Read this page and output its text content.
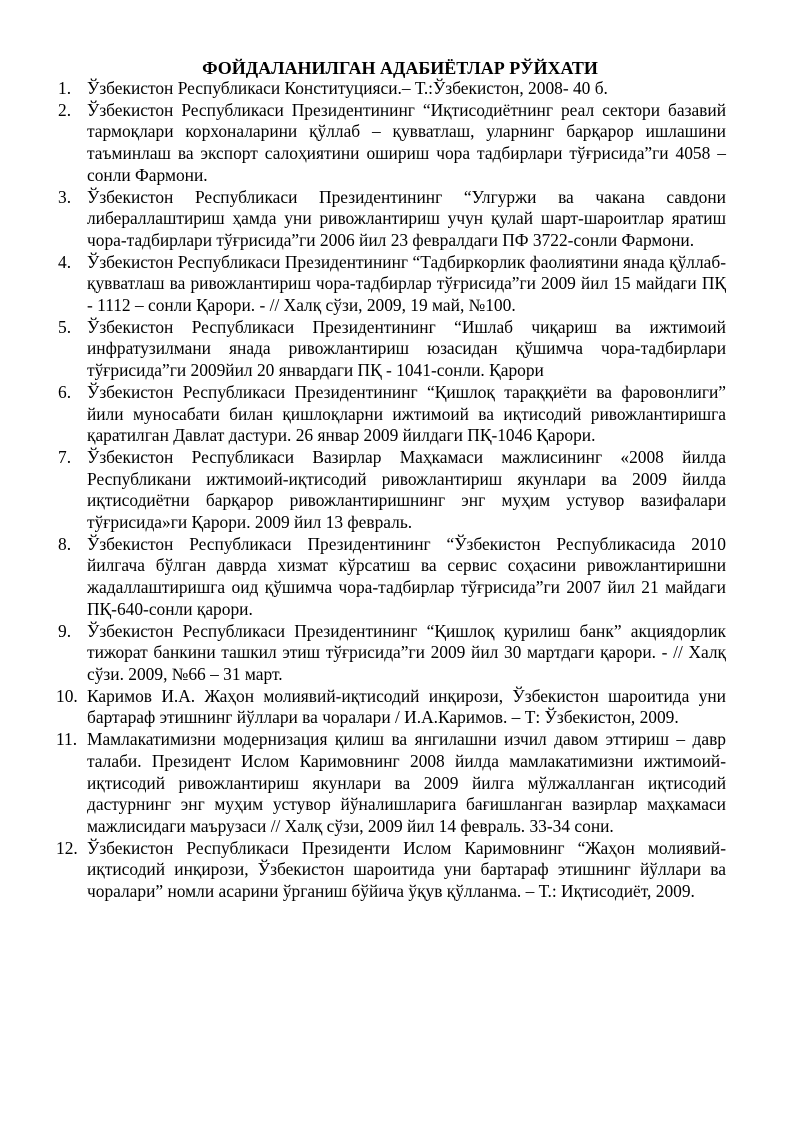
ФОЙДАЛАНИЛГАН АДАБИЁТЛАР РЎЙХАТИ
1. Ўзбекистон Республикаси Конституцияси.– Т.:Ўзбекистон, 2008- 40 б.
2. Ўзбекистон Республикаси Президентининг “Иқтисодиётнинг реал сектори базавий тармоқлари корхоналарини қўллаб – қувватлаш, уларнинг барқарор ишлашини таъминлаш ва экспорт салоҳиятини ошириш чора тадбирлари тўғрисида”ги 4058 – сонли Фармони.
3. Ўзбекистон Республикаси Президентининг “Улгуржи ва чакана савдони либераллаштириш ҳамда уни ривожлантириш учун қулай шарт-шароитлар яратиш чора-тадбирлари тўғрисида”ги 2006 йил 23 февралдаги ПФ 3722-сонли Фармони.
4. Ўзбекистон Республикаси Президентининг “Тадбиркорлик фаолиятини янада қўллаб-қувватлаш ва ривожлантириш чора-тадбирлар тўғрисида”ги 2009 йил 15 майдаги ПҚ - 1112 – сонли Қарори. - // Халқ сўзи, 2009, 19 май, №100.
5. Ўзбекистон Республикаси Президентининг “Ишлаб чиқариш ва ижтимоий инфратузилмани янада ривожлантириш юзасидан қўшимча чора-тадбирлари тўғрисида”ги 2009йил 20 январдаги ПҚ - 1041-сонли. Қарори
6. Ўзбекистон Республикаси Президентининг “Қишлоқ тараққиёти ва фаровонлиги” йили муносабати билан қишлоқларни ижтимоий ва иқтисодий ривожлантиришга қаратилган Давлат дастури. 26 январ 2009 йилдаги ПҚ-1046 Қарори.
7. Ўзбекистон Республикаси Вазирлар Маҳкамаси мажлисининг «2008 йилда Республикани ижтимоий-иқтисодий ривожлантириш якунлари ва 2009 йилда иқтисодиётни барқарор ривожлантиришнинг энг муҳим устувор вазифалари тўғрисида»ги Қарори. 2009 йил 13 февраль.
8. Ўзбекистон Республикаси Президентининг “Ўзбекистон Республикасида 2010 йилгача бўлган даврда хизмат кўрсатиш ва сервис соҳасини ривожлантиришни жадаллаштиришга оид қўшимча чора-тадбирлар тўғрисида”ги 2007 йил 21 майдаги ПҚ-640-сонли қарори.
9. Ўзбекистон Республикаси Президентининг “Қишлоқ қурилиш банк” акциядорлик тижорат банкини ташкил этиш тўғрисида”ги 2009 йил 30 мартдаги қарори. - // Халқ сўзи. 2009, №66 – 31 март.
10. Каримов И.А. Жаҳон молиявий-иқтисодий инқирози, Ўзбекистон шароитида уни бартараф этишнинг йўллари ва чоралари / И.А.Каримов. – Т: Ўзбекистон, 2009.
11. Мамлакатимизни модернизация қилиш ва янгилашни изчил давом эттириш – давр талаби. Президент Ислом Каримовнинг 2008 йилда мамлакатимизни ижтимоий-иқтисодий ривожлантириш якунлари ва 2009 йилга мўлжалланган иқтисодий дастурнинг энг муҳим устувор йўналишларига бағишланган вазирлар маҳкамаси мажлисидаги маърузаси // Халқ сўзи, 2009 йил 14 февраль. 33-34 сони.
12. Ўзбекистон Республикаси Президенти Ислом Каримовнинг “Жаҳон молиявий-иқтисодий инқирози, Ўзбекистон шароитида уни бартараф этишнинг йўллари ва чоралари” номли асарини ўрганиш бўйича ўқув қўлланма. – Т.: Иқтисодиёт, 2009.
